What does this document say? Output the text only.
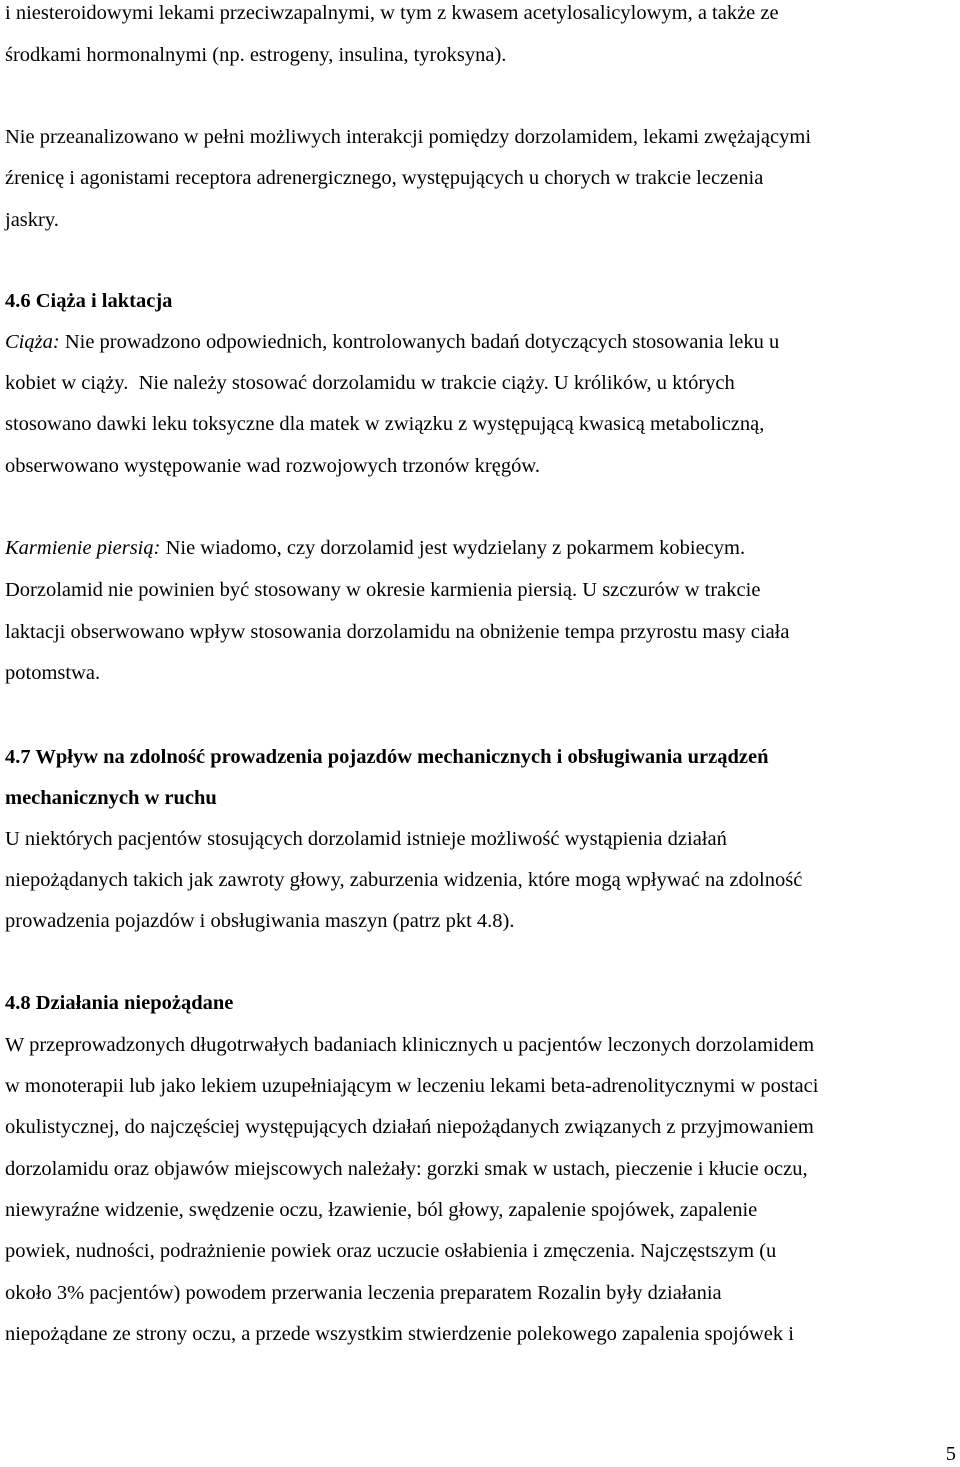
i niesteroidowymi lekami przeciwzapalnymi, w tym z kwasem acetylosalicylowym, a także ze
środkami hormonalnymi (np. estrogeny, insulina, tyroksyna).
Nie przeanalizowano w pełni możliwych interakcji pomiędzy dorzolamidem, lekami zwężającymi
źrenicę i agonistami receptora adrenergicznego, występujących u chorych w trakcie leczenia
jaskry.
4.6 Ciąża i laktacja
Ciąża: Nie prowadzono odpowiednich, kontrolowanych badań dotyczących stosowania leku u
kobiet w ciąży.  Nie należy stosować dorzolamidu w trakcie ciąży. U królików, u których
stosowano dawki leku toksyczne dla matek w związku z występującą kwasicą metaboliczną,
obserwowano występowanie wad rozwojowych trzonów kręgów.
Karmienie piersią: Nie wiadomo, czy dorzolamid jest wydzielany z pokarmem kobiecym.
Dorzolamid nie powinien być stosowany w okresie karmienia piersią. U szczurów w trakcie
laktacji obserwowano wpływ stosowania dorzolamidu na obniżenie tempa przyrostu masy ciała
potomstwa.
4.7 Wpływ na zdolność prowadzenia pojazdów mechanicznych i obsługiwania urządzeń
mechanicznych w ruchu
U niektórych pacjentów stosujących dorzolamid istnieje możliwość wystąpienia działań
niepożądanych takich jak zawroty głowy, zaburzenia widzenia, które mogą wpływać na zdolność
prowadzenia pojazdów i obsługiwania maszyn (patrz pkt 4.8).
4.8 Działania niepożądane
W przeprowadzonych długotrwałych badaniach klinicznych u pacjentów leczonych dorzolamidem
w monoterapii lub jako lekiem uzupełniającym w leczeniu lekami beta-adrenolitycznymi w postaci
okulistycznej, do najczęściej występujących działań niepożądanych związanych z przyjmowaniem
dorzolamidu oraz objawów miejscowych należały: gorzki smak w ustach, pieczenie i kłucie oczu,
niewyraźne widzenie, swędzenie oczu, łzawienie, ból głowy, zapalenie spojówek, zapalenie
powiek, nudności, podrażnienie powiek oraz uczucie osłabienia i zmęczenia. Najczęstszym (u
około 3% pacjentów) powodem przerwania leczenia preparatem Rozalin były działania
niepożądane ze strony oczu, a przede wszystkim stwierdzenie polekowego zapalenia spojówek i
5
